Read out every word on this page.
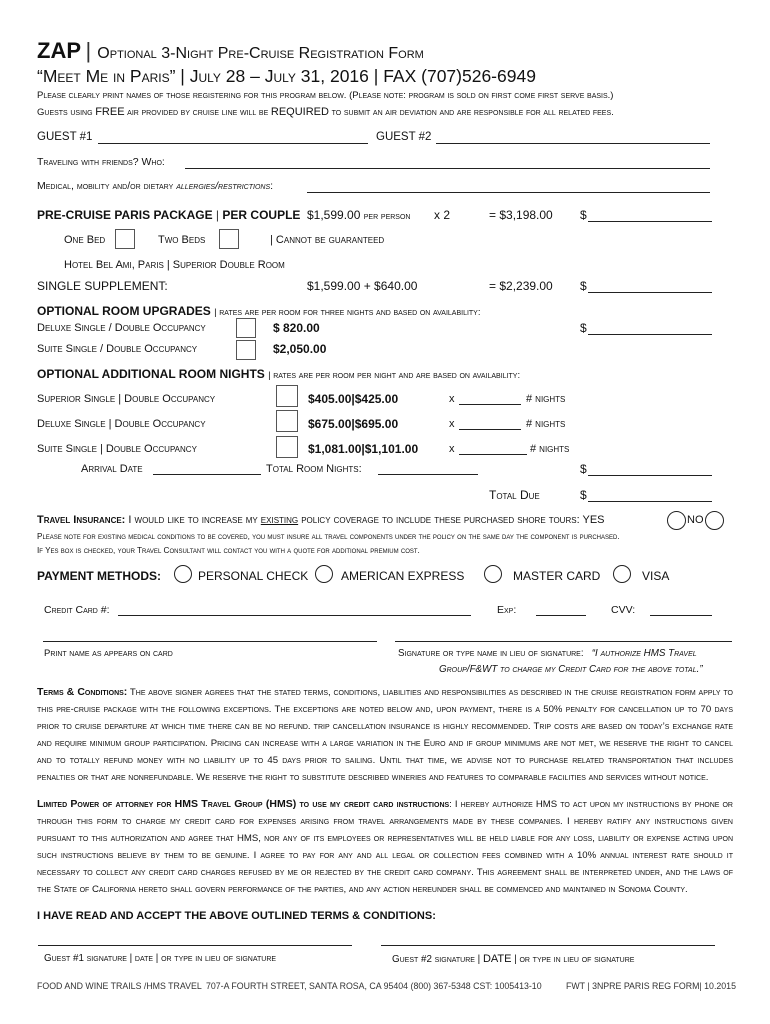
ZAP | Optional 3-Night Pre-Cruise Registration Form
“Meet Me in Paris” | July 28 – July 31, 2016 | FAX (707)526-6949
Please clearly print names of those registering for this program below. (Please note: program is sold on first come first serve basis.)
Guests using FREE air provided by cruise line will be REQUIRED to submit an air deviation and are responsible for all related fees.
GUEST #1	GUEST #2
Traveling with friends? Who:
Medical, mobility and/or dietary allergies/restrictions:
PRE-CRUISE PARIS PACKAGE | PER COUPLE $1,599.00 per person x 2	= $3,198.00 $
One Bed	Two Beds	| Cannot be guaranteed
Hotel Bel Ami, Paris | Superior Double Room
SINGLE SUPPLEMENT:	$1,599.00 + $640.00	= $2,239.00 $
OPTIONAL ROOM UPGRADES | rates are per room for three nights and based on availability:
Deluxe Single / Double Occupancy	$ 820.00	$
Suite Single / Double Occupancy	$2,050.00
OPTIONAL ADDITIONAL ROOM NIGHTS | rates are per room per night and are based on availability:
Superior Single | Double Occupancy	$405.00|$425.00	x	# nights
Deluxe Single | Double Occupancy	$675.00|$695.00	x	# nights
Suite Single | Double Occupancy	$1,081.00|$1,101.00	x	# nights
Arrival Date	Total Room Nights:	$
Total Due	$
Travel Insurance: I would like to increase my existing policy coverage to include these purchased shore tours: YES	NO
Please note for existing medical conditions to be covered, you must insure all travel components under the policy on the same day the component is purchased.
If Yes box is checked, your Travel Consultant will contact you with a quote for additional premium cost.
PAYMENT METHODS:	PERSONAL CHECK	AMERICAN EXPRESS	MASTER CARD	VISA
Credit Card #:	Exp:	CVV:
Print name as appears on card	Signature or type name in lieu of signature: “I authorize HMS Travel
Group/F&WT to charge my Credit Card for the above total.”
Terms & Conditions: The above signer agrees that the stated terms, conditions, liabilities and responsibilities as described in the cruise registration form apply to this pre-cruise package with the following exceptions. The exceptions are noted below and, upon payment, there is a 50% penalty for cancellation up to 70 days prior to cruise departure at which time there can be no refund. trip cancellation insurance is highly recommended. Trip costs are based on today’s exchange rate and require minimum group participation. Pricing can increase with a large variation in the Euro and if group minimums are not met, we reserve the right to cancel and to totally refund money with no liability up to 45 days prior to sailing. Until that time, we advise not to purchase related transportation that includes penalties or that are nonrefundable. We reserve the right to substitute described wineries and features to comparable facilities and services without notice.
Limited Power of attorney for HMS Travel Group (HMS) to use my credit card instructions: I hereby authorize HMS to act upon my instructions by phone or through this form to charge my credit card for expenses arising from travel arrangements made by these companies. I hereby ratify any instructions given pursuant to this authorization and agree that HMS, nor any of its employees or representatives will be held liable for any loss, liability or expense acting upon such instructions believe by them to be genuine. I agree to pay for any and all legal or collection fees combined with a 10% annual interest rate should it necessary to collect any credit card charges refused by me or rejected by the credit card company. This agreement shall be interpreted under, and the laws of the State of California hereto shall govern performance of the parties, and any action hereunder shall be commenced and maintained in Sonoma County.
I HAVE READ AND ACCEPT THE ABOVE OUTLINED TERMS & CONDITIONS:
Guest #1 signature | date | or type in lieu of signature	Guest #2 signature | DATE | or type in lieu of signature
FOOD AND WINE TRAILS /HMS TRAVEL 707-A FOURTH STREET, SANTA ROSA, CA 95404 (800) 367-5348 CST: 1005413-10	FWT | 3NPRE PARIS REG FORM| 10.2015
